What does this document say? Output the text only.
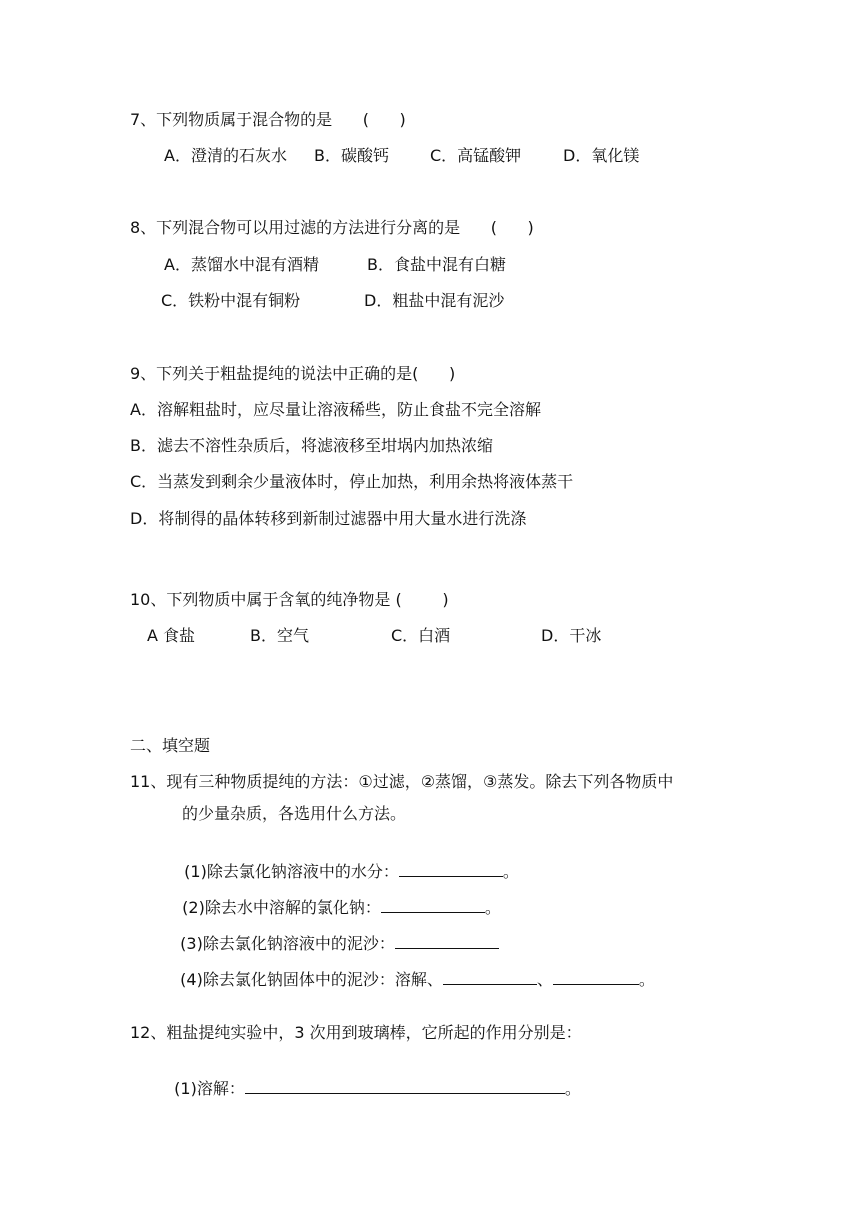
7、下列物质属于混合物的是      (      )
A．澄清的石灰水 B．碳酸钙	C．高锰酸钾	D．氧化镁
8、下列混合物可以用过滤的方法进行分离的是      (      )
A．蒸馏水中混有酒精	B．食盐中混有白糖
C．铁粉中混有铜粉	D．粗盐中混有泥沙
9、下列关于粗盐提纯的说法中正确的是(      )
A．溶解粗盐时，应尽量让溶液稀些，防止食盐不完全溶解
B．滤去不溶性杂质后，将滤液移至坩埚内加热浓缩
C．当蒸发到剩余少量液体时，停止加热，利用余热将液体蒸干
D．将制得的晶体转移到新制过滤器中用大量水进行洗涤
10、下列物质中属于含氧的纯净物是 (        )
A 食盐	B．空气	C．白酒	D．干冰
二、填空题
11、现有三种物质提纯的方法：①过滤，②蒸馏，③蒸发。除去下列各物质中
的少量杂质，各选用什么方法。

(1)除去氯化钠溶液中的水分：	。

(2)除去水中溶解的氯化钠：	。

(3)除去氯化钠溶液中的泥沙：

(4)除去氯化钠固体中的泥沙：溶解、	、	。

12、粗盐提纯实验中，3 次用到玻璃棒，它所起的作用分别是：

(1)溶解：	。
